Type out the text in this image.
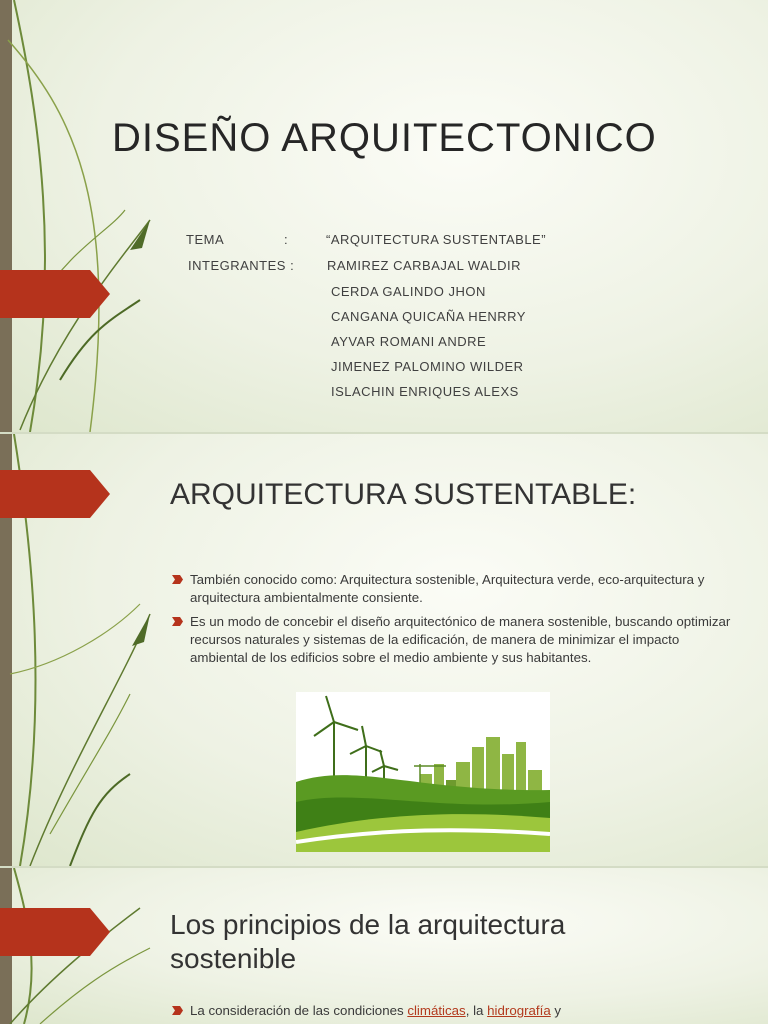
DISEÑO ARQUITECTONICO
TEMA	:	“ARQUITECTURA SUSTENTABLE”
INTEGRANTES :	RAMIREZ CARBAJAL WALDIR
CERDA GALINDO JHON
CANGANA QUICAÑA HENRRY
AYVAR ROMANI ANDRE
JIMENEZ PALOMINO WILDER
ISLACHIN ENRIQUES ALEXS
ARQUITECTURA SUSTENTABLE:
También conocido como: Arquitectura sostenible, Arquitectura verde, eco-arquitectura y arquitectura ambientalmente consiente.
Es un modo de concebir el diseño arquitectónico de manera sostenible, buscando optimizar recursos naturales y sistemas de la edificación, de manera de minimizar el impacto ambiental de los edificios sobre el medio ambiente y sus habitantes.
Los principios de la arquitectura sostenible
La consideración de las condiciones climáticas, la hidrografía y
